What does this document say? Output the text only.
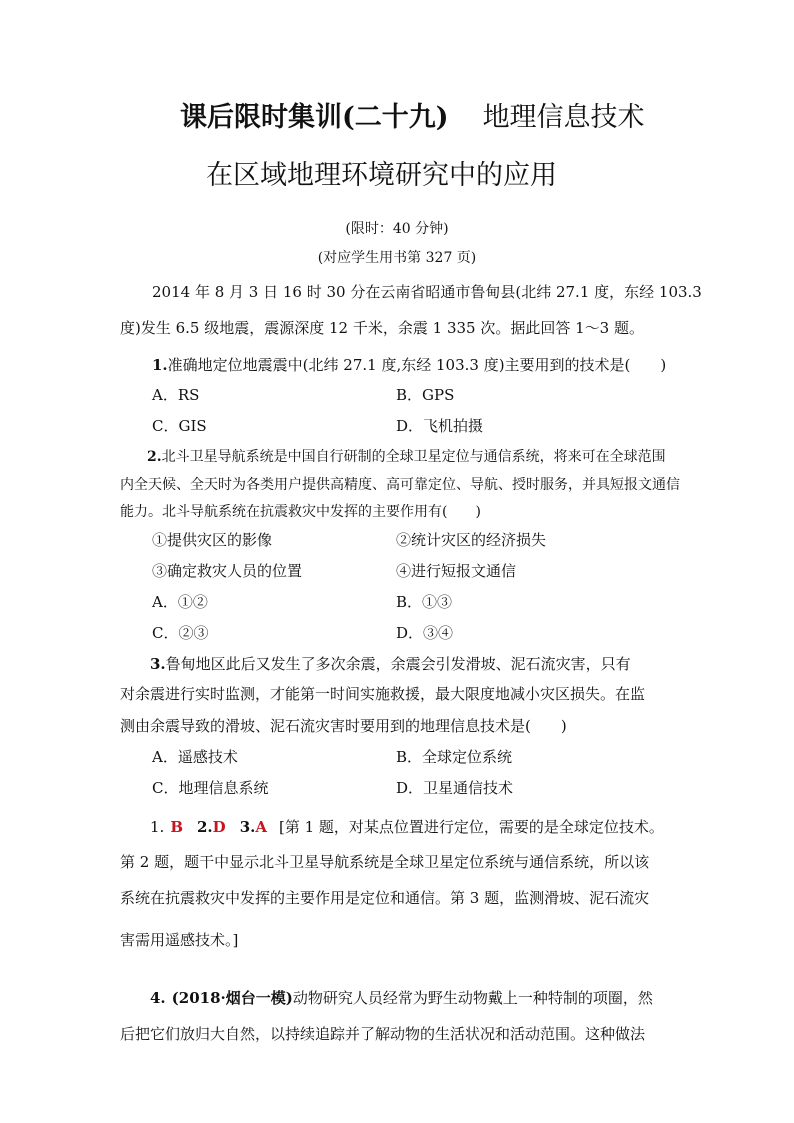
课后限时集训(二十九) 地理信息技术
在区域地理环境研究中的应用
(限时：40 分钟)
(对应学生用书第 327 页)
2014 年 8 月 3 日 16 时 30 分在云南省昭通市鲁甸县(北纬 27.1 度，东经 103.3
度)发生 6.5 级地震，震源深度 12 千米，余震 1 335 次。据此回答 1～3 题。
1.准确地定位地震震中(北纬 27.1 度,东经 103.3 度)主要用到的技术是(　　)
A．RS	B．GPS
C．GIS	D．飞机拍摄
2.北斗卫星导航系统是中国自行研制的全球卫星定位与通信系统，将来可在全球范围
内全天候、全天时为各类用户提供高精度、高可靠定位、导航、授时服务，并具短报文通信
能力。北斗导航系统在抗震救灾中发挥的主要作用有(　　)
①提供灾区的影像	②统计灾区的经济损失
③确定救灾人员的位置	④进行短报文通信
A．①②	B．①③
C．②③	D．③④
3.鲁甸地区此后又发生了多次余震，余震会引发滑坡、泥石流灾害，只有
对余震进行实时监测，才能第一时间实施救援，最大限度地减小灾区损失。在监
测由余震导致的滑坡、泥石流灾害时要用到的地理信息技术是(　　)
A．遥感技术	B．全球定位系统
C．地理信息系统	D．卫星通信技术
1. B 2.D 3.A [第 1 题，对某点位置进行定位，需要的是全球定位技术。
第 2 题，题干中显示北斗卫星导航系统是全球卫星定位系统与通信系统，所以该
系统在抗震救灾中发挥的主要作用是定位和通信。第 3 题，监测滑坡、泥石流灾
害需用遥感技术。]
4. (2018·烟台一模)动物研究人员经常为野生动物戴上一种特制的项圈，然
后把它们放归大自然，以持续追踪并了解动物的生活状况和活动范围。这种做法
